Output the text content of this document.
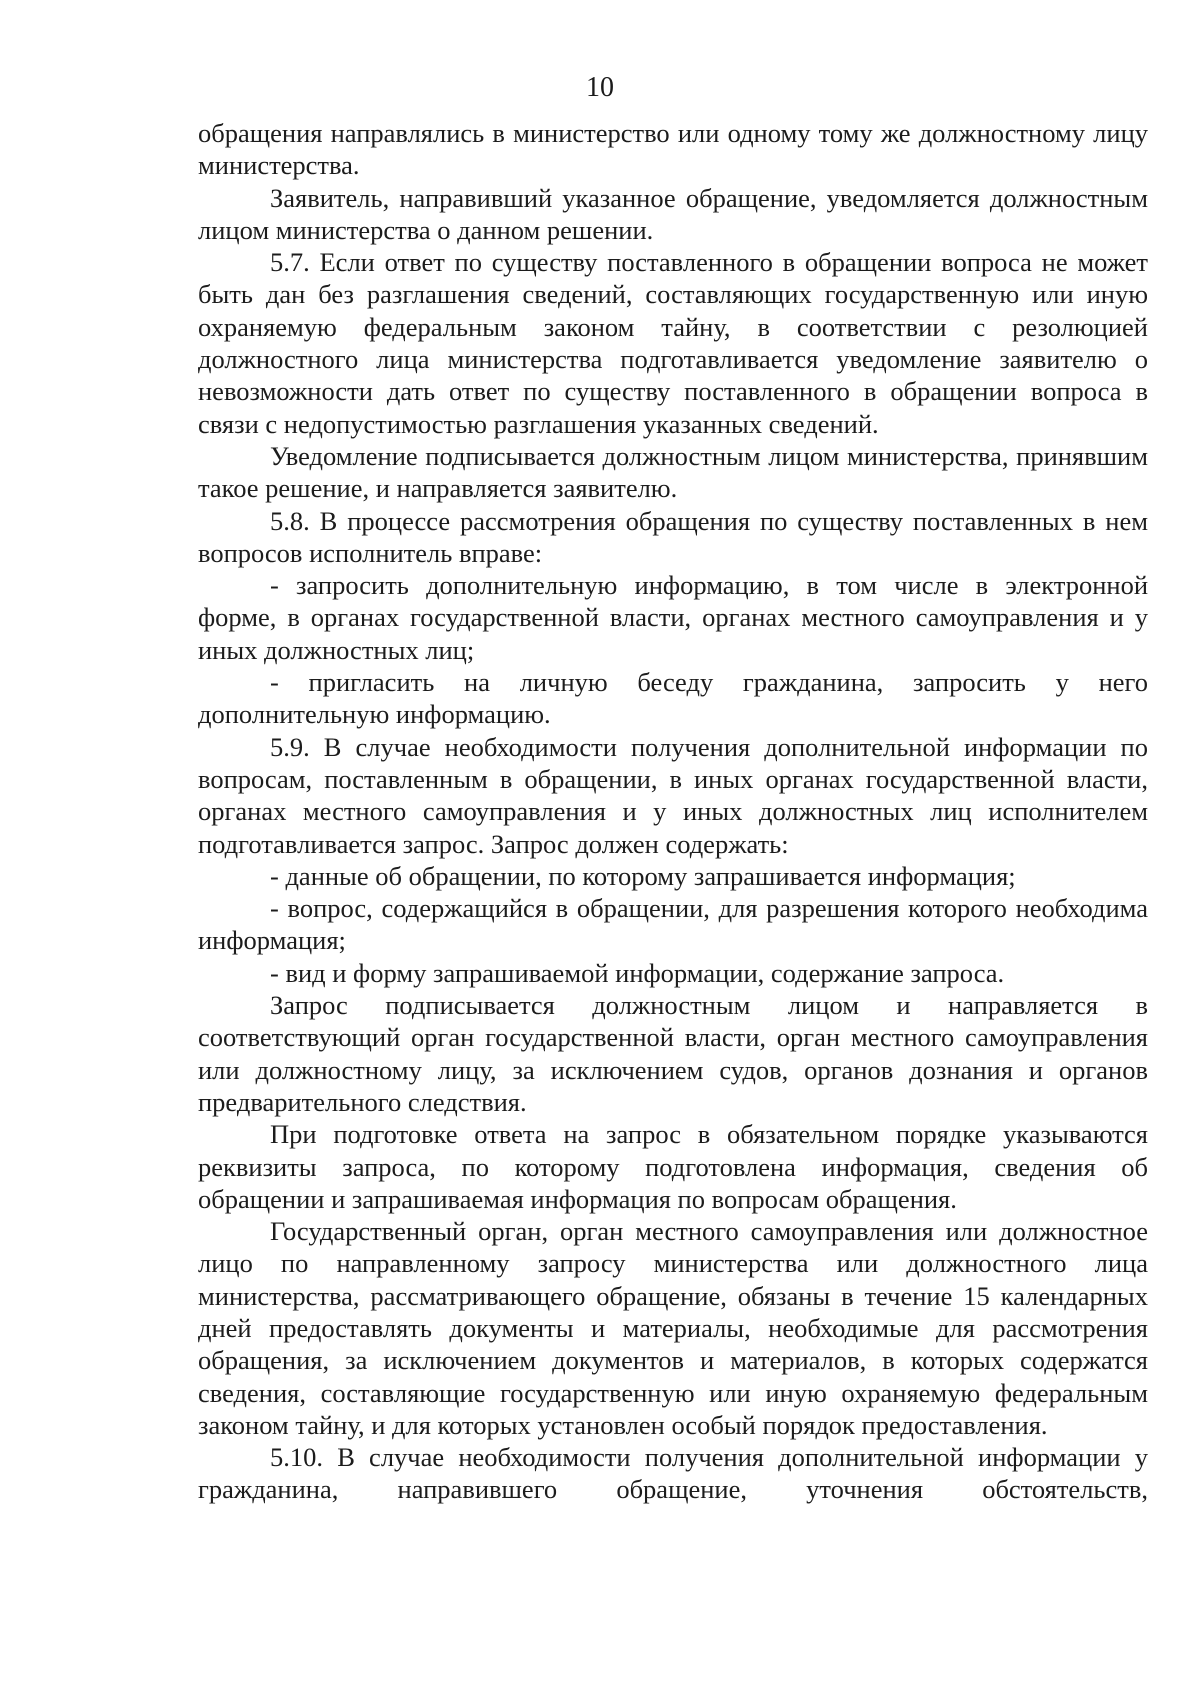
10

обращения направлялись в министерство или одному тому же должностному лицу министерства.

Заявитель, направивший указанное обращение, уведомляется должностным лицом министерства о данном решении.

5.7. Если ответ по существу поставленного в обращении вопроса не может быть дан без разглашения сведений, составляющих государственную или иную охраняемую федеральным законом тайну, в соответствии с резолюцией должностного лица министерства подготавливается уведомление заявителю о невозможности дать ответ по существу поставленного в обращении вопроса в связи с недопустимостью разглашения указанных сведений.

Уведомление подписывается должностным лицом министерства, принявшим такое решение, и направляется заявителю.

5.8. В процессе рассмотрения обращения по существу поставленных в нем вопросов исполнитель вправе:

- запросить дополнительную информацию, в том числе в электронной форме, в органах государственной власти, органах местного самоуправления и у иных должностных лиц;

- пригласить на личную беседу гражданина, запросить у него дополнительную информацию.

5.9. В случае необходимости получения дополнительной информации по вопросам, поставленным в обращении, в иных органах государственной власти, органах местного самоуправления и у иных должностных лиц исполнителем подготавливается запрос. Запрос должен содержать:

- данные об обращении, по которому запрашивается информация;

- вопрос, содержащийся в обращении, для разрешения которого необходима информация;

- вид и форму запрашиваемой информации, содержание запроса.

Запрос подписывается должностным лицом и направляется в соответствующий орган государственной власти, орган местного самоуправления или должностному лицу, за исключением судов, органов дознания и органов предварительного следствия.

При подготовке ответа на запрос в обязательном порядке указываются реквизиты запроса, по которому подготовлена информация, сведения об обращении и запрашиваемая информация по вопросам обращения.

Государственный орган, орган местного самоуправления или должностное лицо по направленному запросу министерства или должностного лица министерства, рассматривающего обращение, обязаны в течение 15 календарных дней предоставлять документы и материалы, необходимые для рассмотрения обращения, за исключением документов и материалов, в которых содержатся сведения, составляющие государственную или иную охраняемую федеральным законом тайну, и для которых установлен особый порядок предоставления.

5.10. В случае необходимости получения дополнительной информации у гражданина, направившего обращение, уточнения обстоятельств,
